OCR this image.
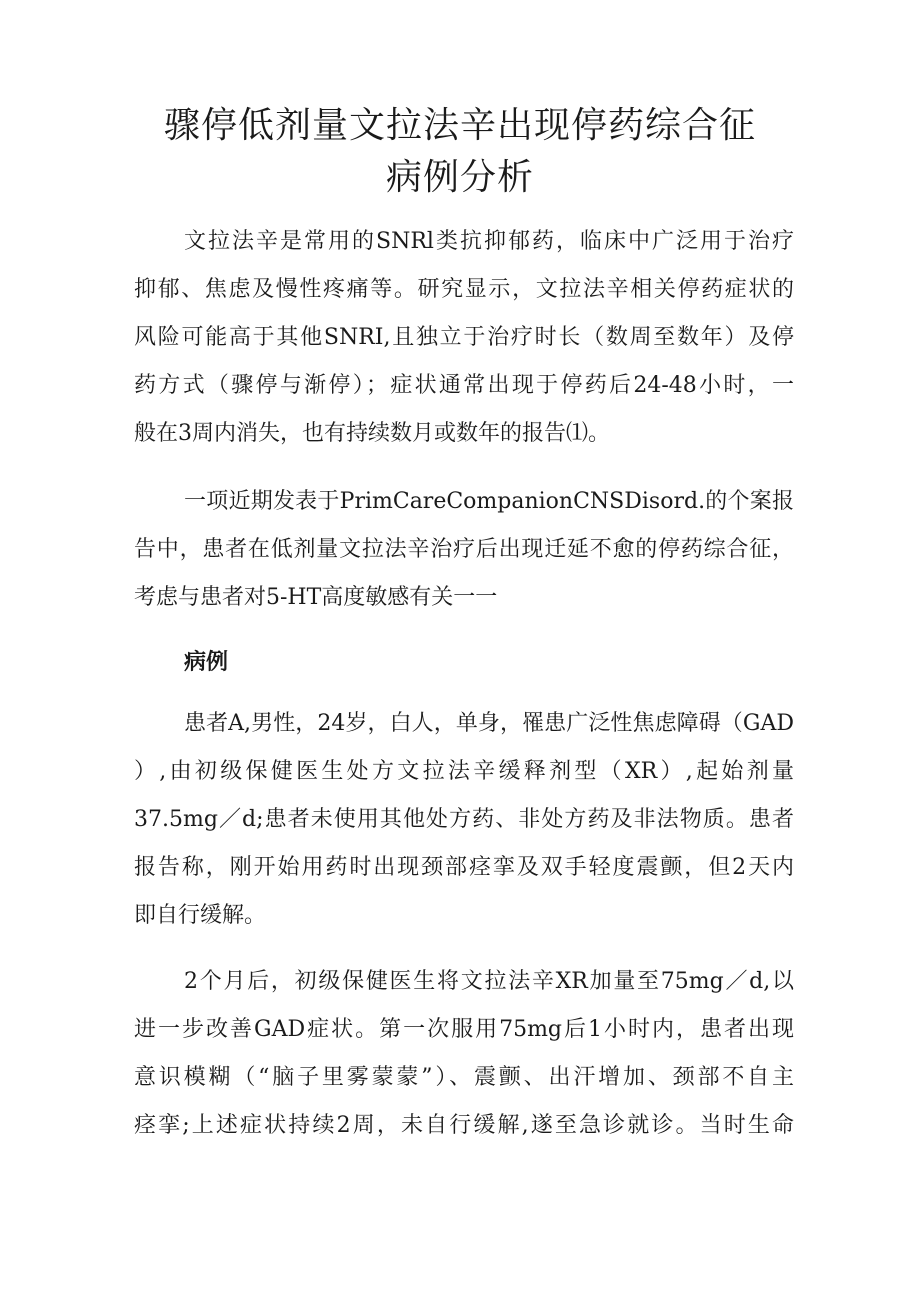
骤停低剂量文拉法辛出现停药综合征
病例分析
文拉法辛是常用的SNRl类抗抑郁药，临床中广泛用于治疗
抑郁、焦虑及慢性疼痛等。研究显示，文拉法辛相关停药症状的
风险可能高于其他SNRI,且独立于治疗时长（数周至数年）及停
药方式（骤停与渐停）；症状通常出现于停药后24-48小时，一
般在3周内消失，也有持续数月或数年的报告⑴。
一项近期发表于PrimCareCompanionCNSDisord.的个案报
告中，患者在低剂量文拉法辛治疗后出现迁延不愈的停药综合征，
考虑与患者对5-HT高度敏感有关一一
病例
患者A,男性，24岁，白人，单身，罹患广泛性焦虑障碍（GAD
）,由初级保健医生处方文拉法辛缓释剂型（XR）,起始剂量
37.5mg／d;患者未使用其他处方药、非处方药及非法物质。患者
报告称，刚开始用药时出现颈部痉挛及双手轻度震颤，但2天内
即自行缓解。
2个月后，初级保健医生将文拉法辛XR加量至75mg／d,以
进一步改善GAD症状。第一次服用75mg后1小时内，患者出现
意识模糊（“脑子里雾蒙蒙”）、震颤、出汗增加、颈部不自主
痉挛;上述症状持续2周，未自行缓解,遂至急诊就诊。当时生命
